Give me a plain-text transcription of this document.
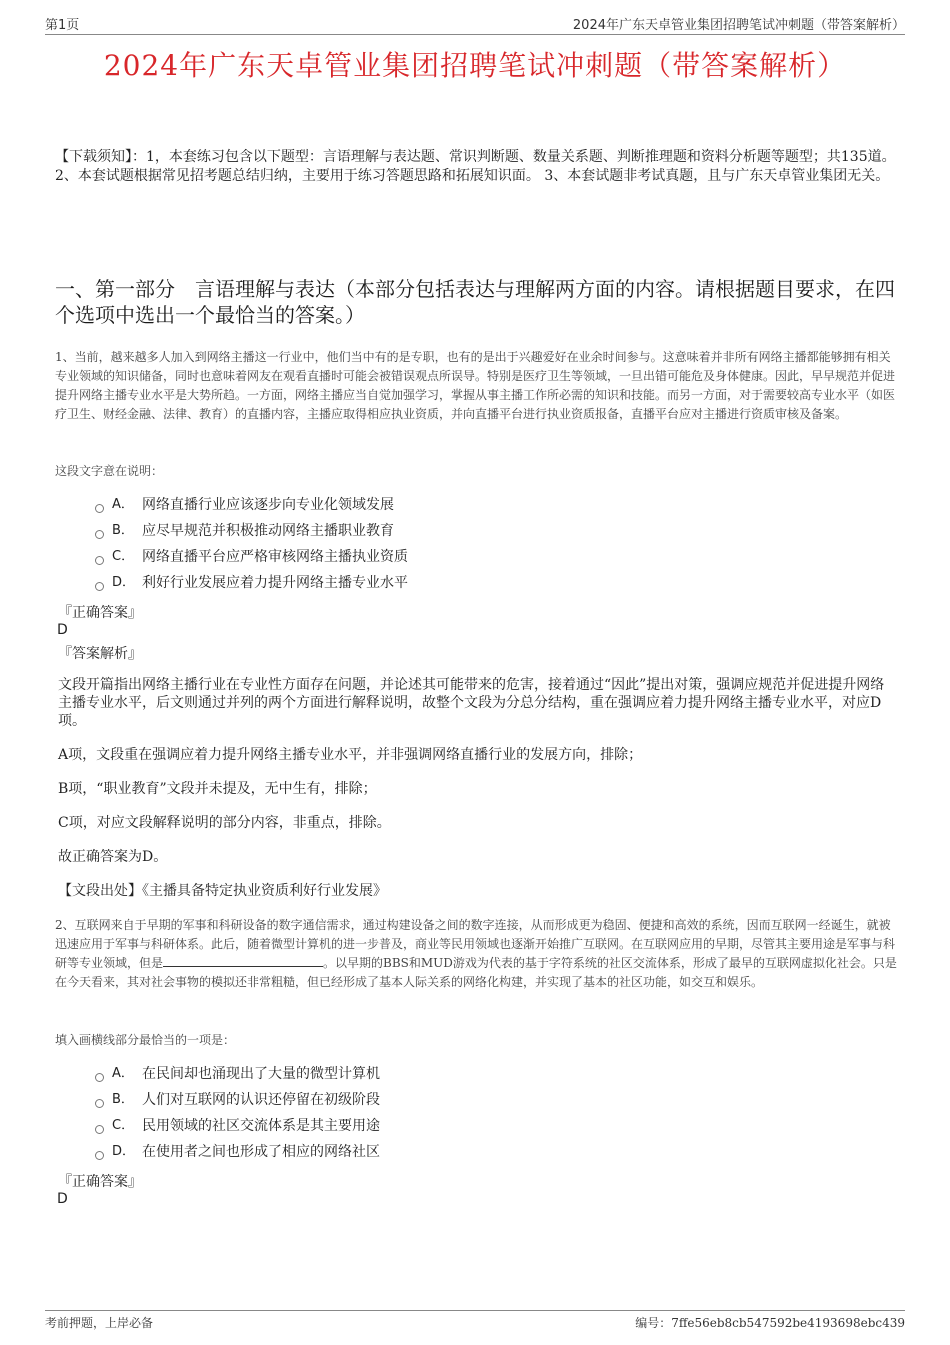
第1页	2024年广东天卓管业集团招聘笔试冲刺题（带答案解析）
2024年广东天卓管业集团招聘笔试冲刺题（带答案解析）
【下载须知】：1，本套练习包含以下题型：言语理解与表达题、常识判断题、数量关系题、判断推理题和资料分析题等题型；共135道。 2、本套试题根据常见招考题总结归纳，主要用于练习答题思路和拓展知识面。 3、本套试题非考试真题，且与广东天卓管业集团无关。
一、第一部分　言语理解与表达（本部分包括表达与理解两方面的内容。请根据题目要求，在四个选项中选出一个最恰当的答案。）
1、当前，越来越多人加入到网络主播这一行业中，他们当中有的是专职，也有的是出于兴趣爱好在业余时间参与。这意味着并非所有网络主播都能够拥有相关专业领域的知识储备，同时也意味着网友在观看直播时可能会被错误观点所误导。特别是医疗卫生等领域，一旦出错可能危及身体健康。因此，早早规范并促进提升网络主播专业水平是大势所趋。一方面，网络主播应当自觉加强学习，掌握从事主播工作所必需的知识和技能。而另一方面，对于需要较高专业水平（如医疗卫生、财经金融、法律、教育）的直播内容，主播应取得相应执业资质，并向直播平台进行执业资质报备，直播平台应对主播进行资质审核及备案。
这段文字意在说明：
A． 网络直播行业应该逐步向专业化领域发展
B． 应尽早规范并积极推动网络主播职业教育
C． 网络直播平台应严格审核网络主播执业资质
D． 利好行业发展应着力提升网络主播专业水平
『正确答案』
D
『答案解析』
文段开篇指出网络主播行业在专业性方面存在问题，并论述其可能带来的危害，接着通过“因此”提出对策，强调应规范并促进提升网络主播专业水平，后文则通过并列的两个方面进行解释说明，故整个文段为分总分结构，重在强调应着力提升网络主播专业水平，对应D项。
A项，文段重在强调应着力提升网络主播专业水平，并非强调网络直播行业的发展方向，排除；
B项，“职业教育”文段并未提及，无中生有，排除；
C项，对应文段解释说明的部分内容，非重点，排除。
故正确答案为D。
【文段出处】《主播具备特定执业资质利好行业发展》
2、互联网来自于早期的军事和科研设备的数字通信需求，通过构建设备之间的数字连接，从而形成更为稳固、便捷和高效的系统，因而互联网一经诞生，就被迅速应用于军事与科研体系。此后，随着微型计算机的进一步普及，商业等民用领域也逐渐开始推广互联网。在互联网应用的早期，尽管其主要用途是军事与科研等专业领域，但是	。以早期的BBS和MUD游戏为代表的基于字符系统的社区交流体系，形成了最早的互联网虚拟化社会。只是在今天看来，其对社会事物的模拟还非常粗糙，但已经形成了基本人际关系的网络化构建，并实现了基本的社区功能，如交互和娱乐。
填入画横线部分最恰当的一项是：
A． 在民间却也涌现出了大量的微型计算机
B． 人们对互联网的认识还停留在初级阶段
C． 民用领域的社区交流体系是其主要用途
D． 在使用者之间也形成了相应的网络社区
『正确答案』
D
考前押题，上岸必备	编号：7ffe56eb8cb547592be4193698ebc439
